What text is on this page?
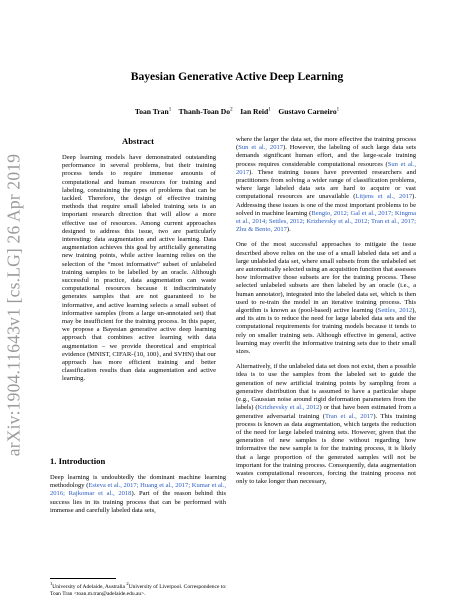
arXiv:1904.11643v1 [cs.LG] 26 Apr 2019
Bayesian Generative Active Deep Learning
Toan Tran$^1$ Thanh-Toan Do$^2$ Ian Reid$^1$ Gustavo Carneiro$^1$
Abstract
Deep learning models have demonstrated outstanding performance in several problems, but their training process tends to require immense amounts of computational and human resources for training and labeling, constraining the types of problems that can be tackled. Therefore, the design of effective training methods that require small labeled training sets is an important research direction that will allow a more effective use of resources. Among current approaches designed to address this issue, two are particularly interesting: data augmentation and active learning. Data augmentation achieves this goal by artificially generating new training points, while active learning relies on the selection of the “most informative” subset of unlabeled training samples to be labelled by an oracle. Although successful in practice, data augmentation can waste computational resources because it indiscriminately generates samples that are not guaranteed to be informative, and active learning selects a small subset of informative samples (from a large un-annotated set) that may be insufficient for the training process. In this paper, we propose a Bayesian generative active deep learning approach that combines active learning with data augmentation – we provide theoretical and empirical evidence (MNIST, CIFAR-{10, 100}, and SVHN) that our approach has more efficient training and better classification results than data augmentation and active learning.
1. Introduction
Deep learning is undoubtedly the dominant machine learning methodology (Esteva et al., 2017; Huang et al., 2017; Kumar et al., 2016; Rajkomar et al., 2018). Part of the reason behind this success lies in its training process that can be performed with immense and carefully labeled data sets,

where the larger the data set, the more effective the training process (Sun et al., 2017). However, the labeling of such large data sets demands significant human effort, and the large-scale training process requires considerable computational resources (Sun et al., 2017). These training issues have prevented researchers and practitioners from solving a wider range of classification problems, where large labeled data sets are hard to acquire or vast computational resources are unavailable (Litjens et al., 2017). Addressing these issues is one of the most important problems to be solved in machine learning (Bengio, 2012; Gal et al., 2017; Kingma et al., 2014; Settles, 2012; Krizhevsky et al., 2012; Tran et al., 2017; Zhu & Bento, 2017).

One of the most successful approaches to mitigate the issue described above relies on the use of a small labeled data set and a large unlabeled data set, where small subsets from the unlabeled set are automatically selected using an acquisition function that assesses how informative those subsets are for the training process. These selected unlabeled subsets are then labeled by an oracle (i.e., a human annotator), integrated into the labeled data set, which is then used to re-train the model in an iterative training process. This algorithm is known as (pool-based) active learning (Settles, 2012), and its aim is to reduce the need for large labeled data sets and the computational requirements for training models because it tends to rely on smaller training sets. Although effective in general, active learning may overfit the informative training sets due to their small sizes.

Alternatively, if the unlabeled data set does not exist, then a possible idea is to use the samples from the labeled set to guide the generation of new artificial training points by sampling from a generative distribution that is assumed to have a particular shape (e.g., Gaussian noise around rigid deformation parameters from the labels) (Krizhevsky et al., 2012) or that have been estimated from a generative adversarial training (Tran et al., 2017). This training process is known as data augmentation, which targets the reduction of the need for large labeled training sets. However, given that the generation of new samples is done without regarding how informative the new sample is for the training process, it is likely that a large proportion of the generated samples will not be important for the training process. Consequently, data augmentation wastes computational resources, forcing the training process not only to take longer than necessary,

$^1$University of Adelaide, Australia $^2$University of Liverpool. Correspondence to: Toan Tran <toan.m.tran@adelaide.edu.au>.
